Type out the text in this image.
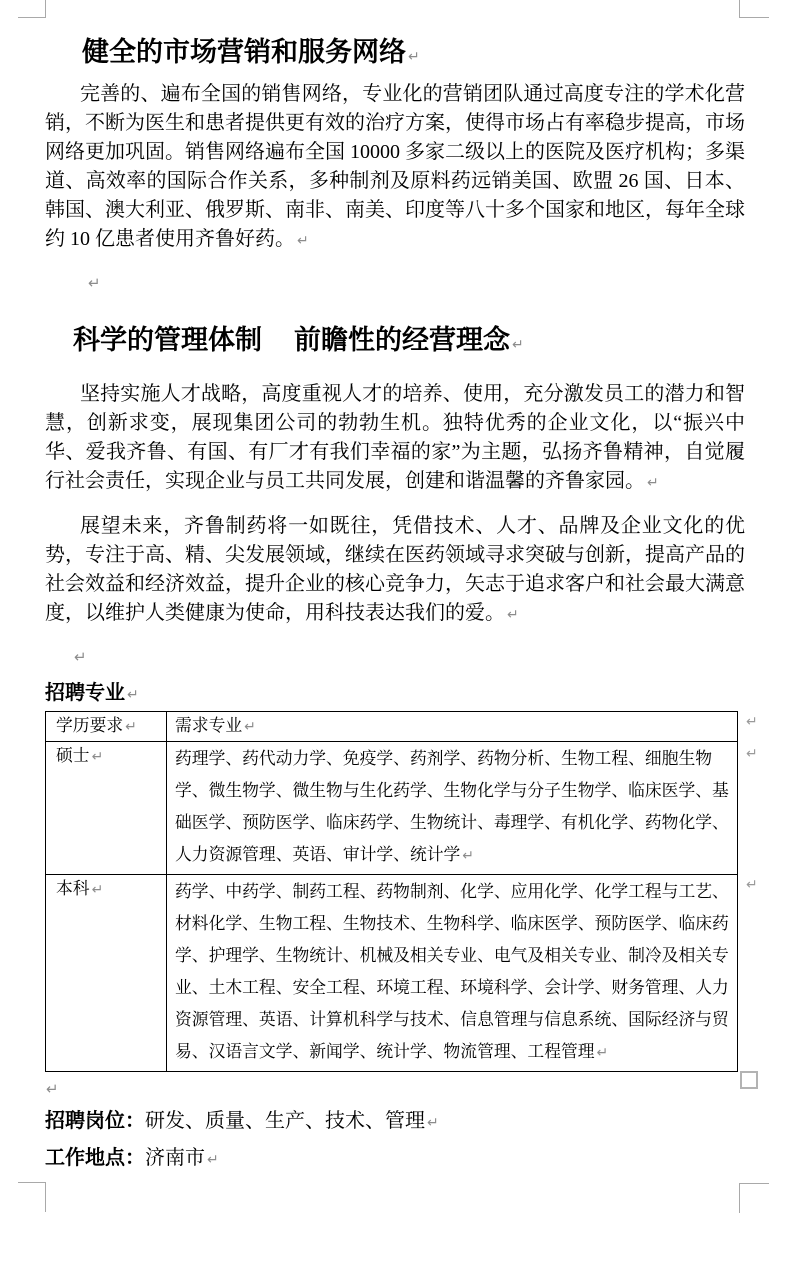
健全的市场营销和服务网络 ↵

完善的、遍布全国的销售网络，专业化的营销团队通过高度专注的学术化营销，不断为医生和患者提供更有效的治疗方案，使得市场占有率稳步提高，市场网络更加巩固。销售网络遍布全国 10000 多家二级以上的医院及医疗机构；多渠道、高效率的国际合作关系，多种制剂及原料药远销美国、欧盟 26 国、日本、韩国、澳大利亚、俄罗斯、南非、南美、印度等八十多个国家和地区，每年全球约 10 亿患者使用齐鲁好药。 ↵

↵
科学的管理体制 前瞻性的经营理念 ↵

坚持实施人才战略，高度重视人才的培养、使用，充分激发员工的潜力和智慧，创新求变，展现集团公司的勃勃生机。独特优秀的企业文化，以“振兴中华、爱我齐鲁、有国、有厂才有我们幸福的家”为主题，弘扬齐鲁精神，自觉履行社会责任，实现企业与员工共同发展，创建和谐温馨的齐鲁家园。 ↵

展望未来，齐鲁制药将一如既往，凭借技术、人才、品牌及企业文化的优势，专注于高、精、尖发展领域，继续在医药领域寻求突破与创新，提高产品的社会效益和经济效益，提升企业的核心竞争力，矢志于追求客户和社会最大满意度，以维护人类健康为使命，用科技表达我们的爱。 ↵

↵

招聘专业 ↵

学历要求 ↵	需求专业 ↵
硕士 ↵	药理学、药代动力学、免疫学、药剂学、药物分析、生物工程、细胞生物学、微生物学、微生物与生化药学、生物化学与分子生物学、临床医学、基础医学、预防医学、临床药学、生物统计、毒理学、有机化学、药物化学、人力资源管理、英语、审计学、统计学 ↵
本科 ↵	药学、中药学、制药工程、药物制剂、化学、应用化学、化学工程与工艺、材料化学、生物工程、生物技术、生物科学、临床医学、预防医学、临床药学、护理学、生物统计、机械及相关专业、电气及相关专业、制冷及相关专业、土木工程、安全工程、环境工程、环境科学、会计学、财务管理、人力资源管理、英语、计算机科学与技术、信息管理与信息系统、国际经济与贸易、汉语言文学、新闻学、统计学、物流管理、工程管理 ↵
↵
↵
↵
↵

招聘岗位：研发、质量、生产、技术、管理 ↵

工作地点：济南市 ↵
